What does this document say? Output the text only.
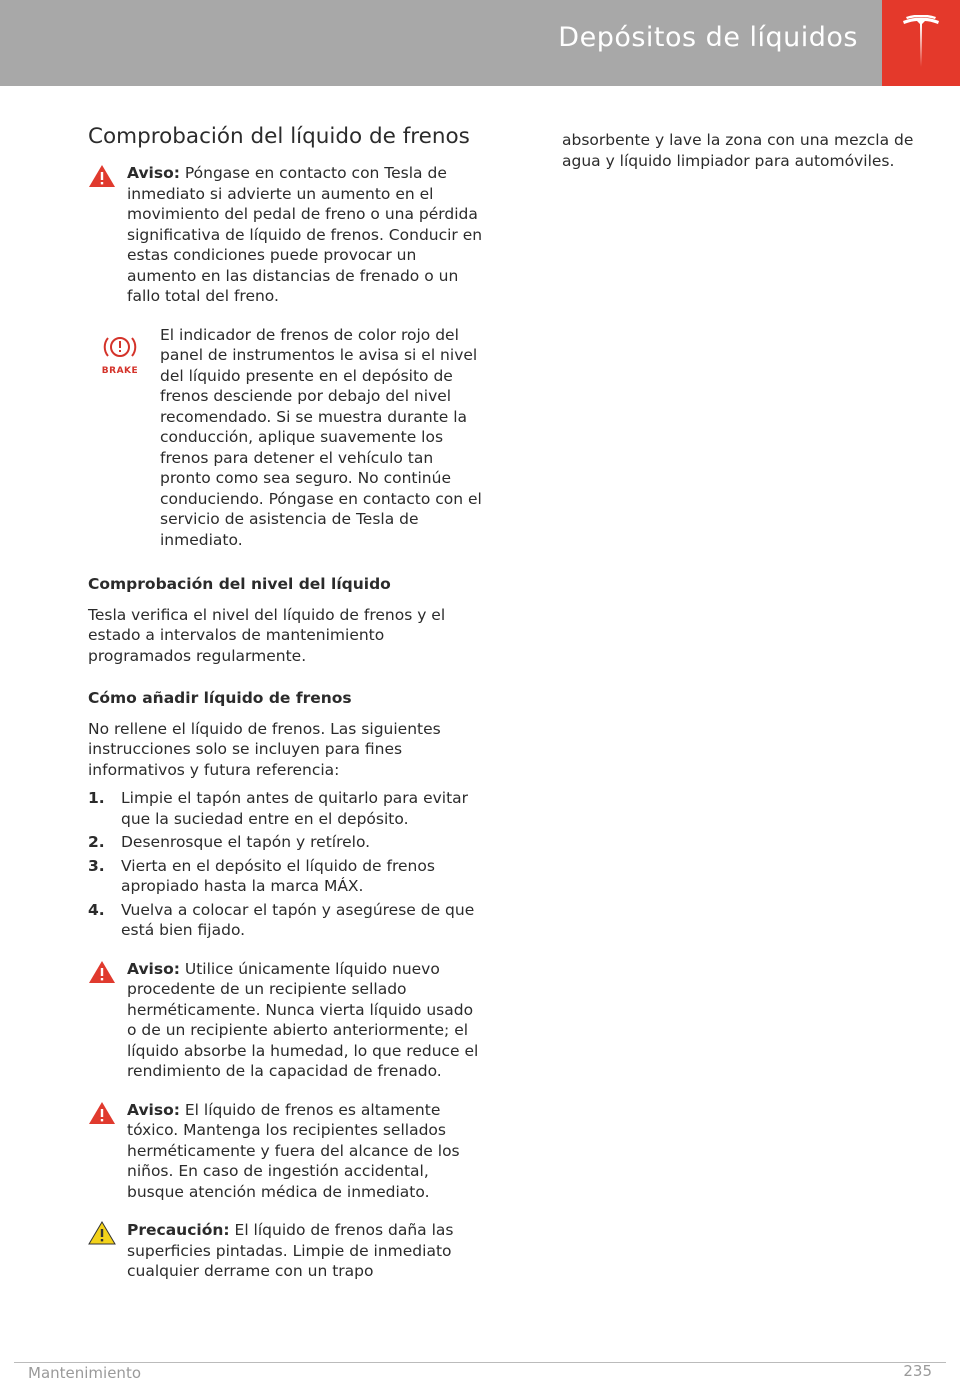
Depósitos de líquidos
Comprobación del líquido de frenos

Aviso: Póngase en contacto con Tesla de inmediato si advierte un aumento en el movimiento del pedal de freno o una pérdida significativa de líquido de frenos. Conducir en estas condiciones puede provocar un aumento en las distancias de frenado o un fallo total del freno.

BRAKE

El indicador de frenos de color rojo del panel de instrumentos le avisa si el nivel del líquido presente en el depósito de frenos desciende por debajo del nivel recomendado. Si se muestra durante la conducción, aplique suavemente los frenos para detener el vehículo tan pronto como sea seguro. No continúe conduciendo. Póngase en contacto con el servicio de asistencia de Tesla de inmediato.

Comprobación del nivel del líquido

Tesla verifica el nivel del líquido de frenos y el estado a intervalos de mantenimiento programados regularmente.

Cómo añadir líquido de frenos

No rellene el líquido de frenos. Las siguientes instrucciones solo se incluyen para fines informativos y futura referencia:

1. Limpie el tapón antes de quitarlo para evitar que la suciedad entre en el depósito.
2. Desenrosque el tapón y retírelo.
3. Vierta en el depósito el líquido de frenos apropiado hasta la marca MÁX.
4. Vuelva a colocar el tapón y asegúrese de que está bien fijado.

Aviso: Utilice únicamente líquido nuevo procedente de un recipiente sellado herméticamente. Nunca vierta líquido usado o de un recipiente abierto anteriormente; el líquido absorbe la humedad, lo que reduce el rendimiento de la capacidad de frenado.

Aviso: El líquido de frenos es altamente tóxico. Mantenga los recipientes sellados herméticamente y fuera del alcance de los niños. En caso de ingestión accidental, busque atención médica de inmediato.

Precaución: El líquido de frenos daña las superficies pintadas. Limpie de inmediato cualquier derrame con un trapo

absorbente y lave la zona con una mezcla de agua y líquido limpiador para automóviles.

Mantenimiento	235
